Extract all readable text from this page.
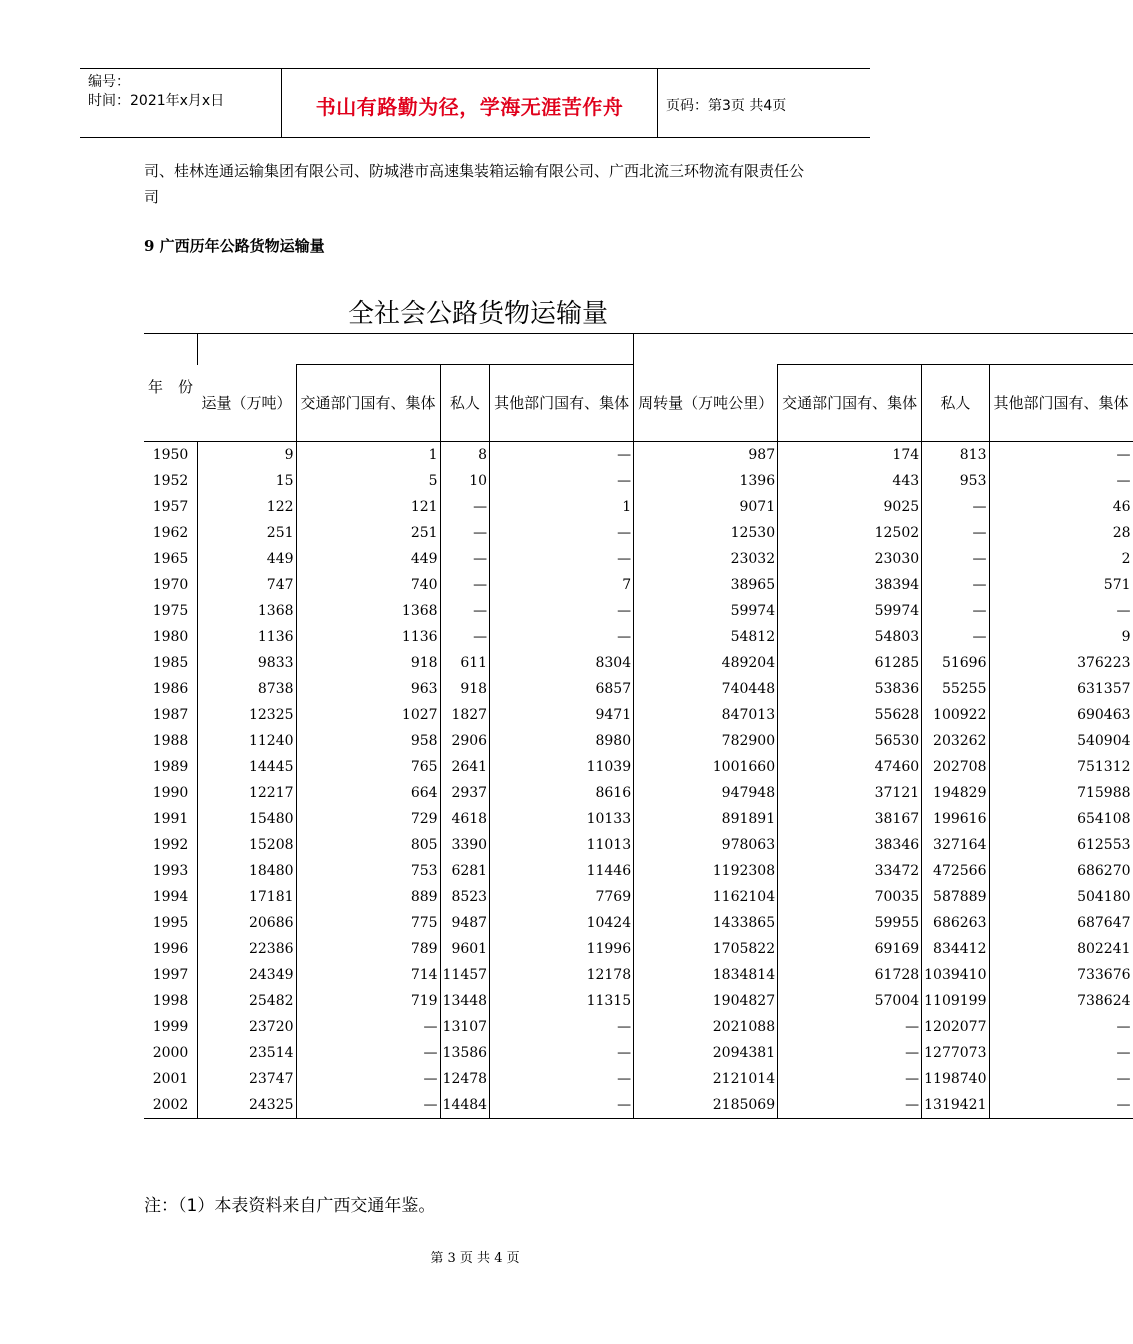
编号：
时间：2021年x月x日	书山有路勤为径，学海无涯苦作舟	页码：第3页 共4页
司、桂林连通运输集团有限公司、防城港市高速集装箱运输有限公司、广西北流三环物流有限责任公司
9 广西历年公路货物运输量
全社会公路货物运输量
年　份								
	运量（万吨）	交通部门国有、集体	私人	其他部门国有、集体	周转量（万吨公里）	交通部门国有、集体	私人	其他部门国有、集体
1950	9	1	8	—	987	174	813	—
1952	15	5	10	—	1396	443	953	—
1957	122	121	—	1	9071	9025	—	46
1962	251	251	—	—	12530	12502	—	28
1965	449	449	—	—	23032	23030	—	2
1970	747	740	—	7	38965	38394	—	571
1975	1368	1368	—	—	59974	59974	—	—
1980	1136	1136	—	—	54812	54803	—	9
1985	9833	918	611	8304	489204	61285	51696	376223
1986	8738	963	918	6857	740448	53836	55255	631357
1987	12325	1027	1827	9471	847013	55628	100922	690463
1988	11240	958	2906	8980	782900	56530	203262	540904
1989	14445	765	2641	11039	1001660	47460	202708	751312
1990	12217	664	2937	8616	947948	37121	194829	715988
1991	15480	729	4618	10133	891891	38167	199616	654108
1992	15208	805	3390	11013	978063	38346	327164	612553
1993	18480	753	6281	11446	1192308	33472	472566	686270
1994	17181	889	8523	7769	1162104	70035	587889	504180
1995	20686	775	9487	10424	1433865	59955	686263	687647
1996	22386	789	9601	11996	1705822	69169	834412	802241
1997	24349	714	11457	12178	1834814	61728	1039410	733676
1998	25482	719	13448	11315	1904827	57004	1109199	738624
1999	23720	—	13107	—	2021088	—	1202077	—
2000	23514	—	13586	—	2094381	—	1277073	—
2001	23747	—	12478	—	2121014	—	1198740	—
2002	24325	—	14484	—	2185069	—	1319421	—
注：（1）本表资料来自广西交通年鉴。
第 3 页 共 4 页
